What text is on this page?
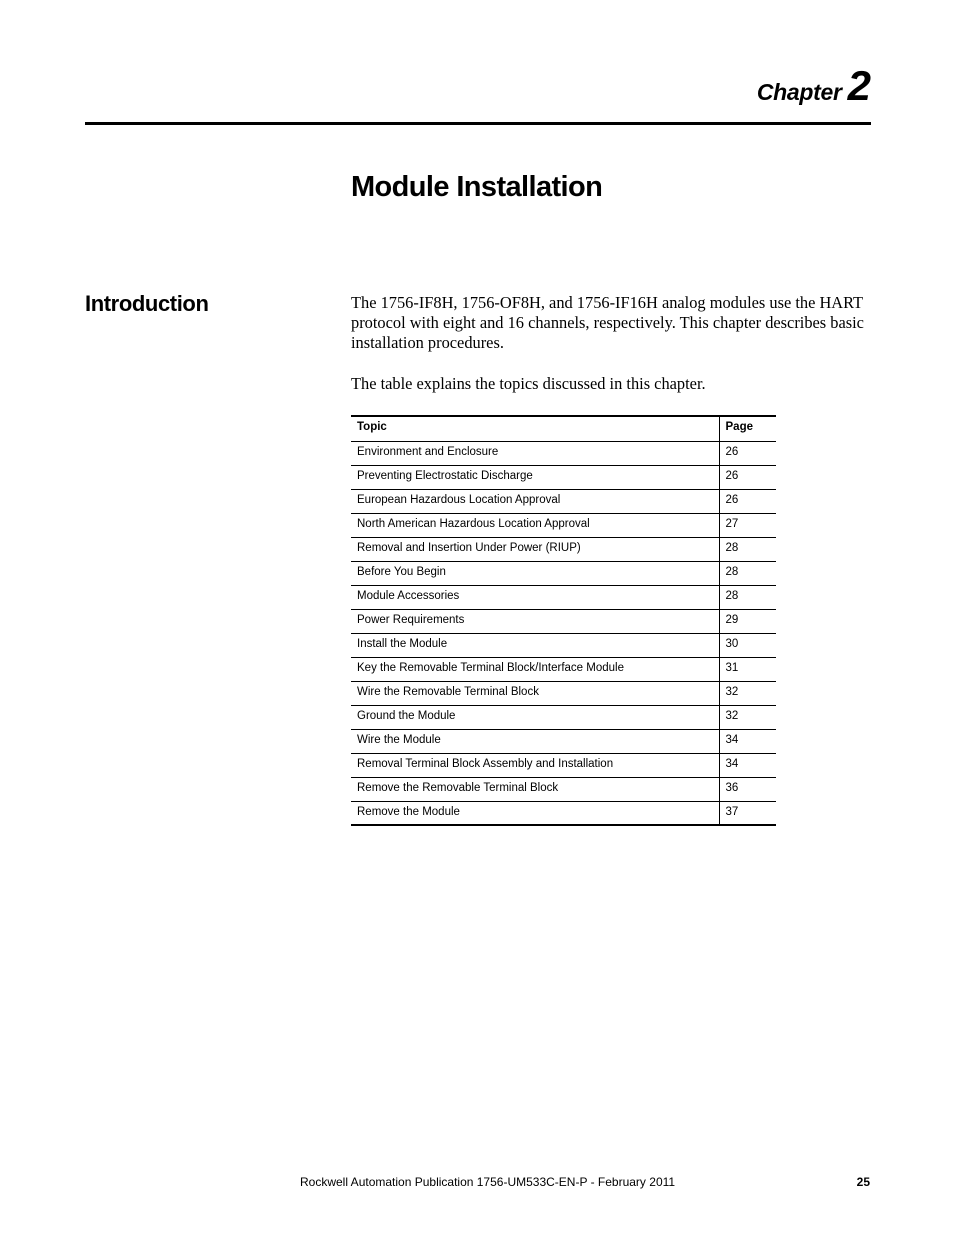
Chapter 2
Module Installation
Introduction	The 1756-IF8H, 1756-OF8H, and 1756-IF16H analog modules use the HART protocol with eight and 16 channels, respectively. This chapter describes basic installation procedures.

The table explains the topics discussed in this chapter.

Topic	Page
Environment and Enclosure	26
Preventing Electrostatic Discharge	26
European Hazardous Location Approval	26
North American Hazardous Location Approval	27
Removal and Insertion Under Power (RIUP)	28
Before You Begin	28
Module Accessories	28
Power Requirements	29
Install the Module	30
Key the Removable Terminal Block/Interface Module	31
Wire the Removable Terminal Block	32
Ground the Module	32
Wire the Module	34
Removal Terminal Block Assembly and Installation	34
Remove the Removable Terminal Block	36
Remove the Module	37
Rockwell Automation Publication 1756-UM533C-EN-P - February 2011	25
